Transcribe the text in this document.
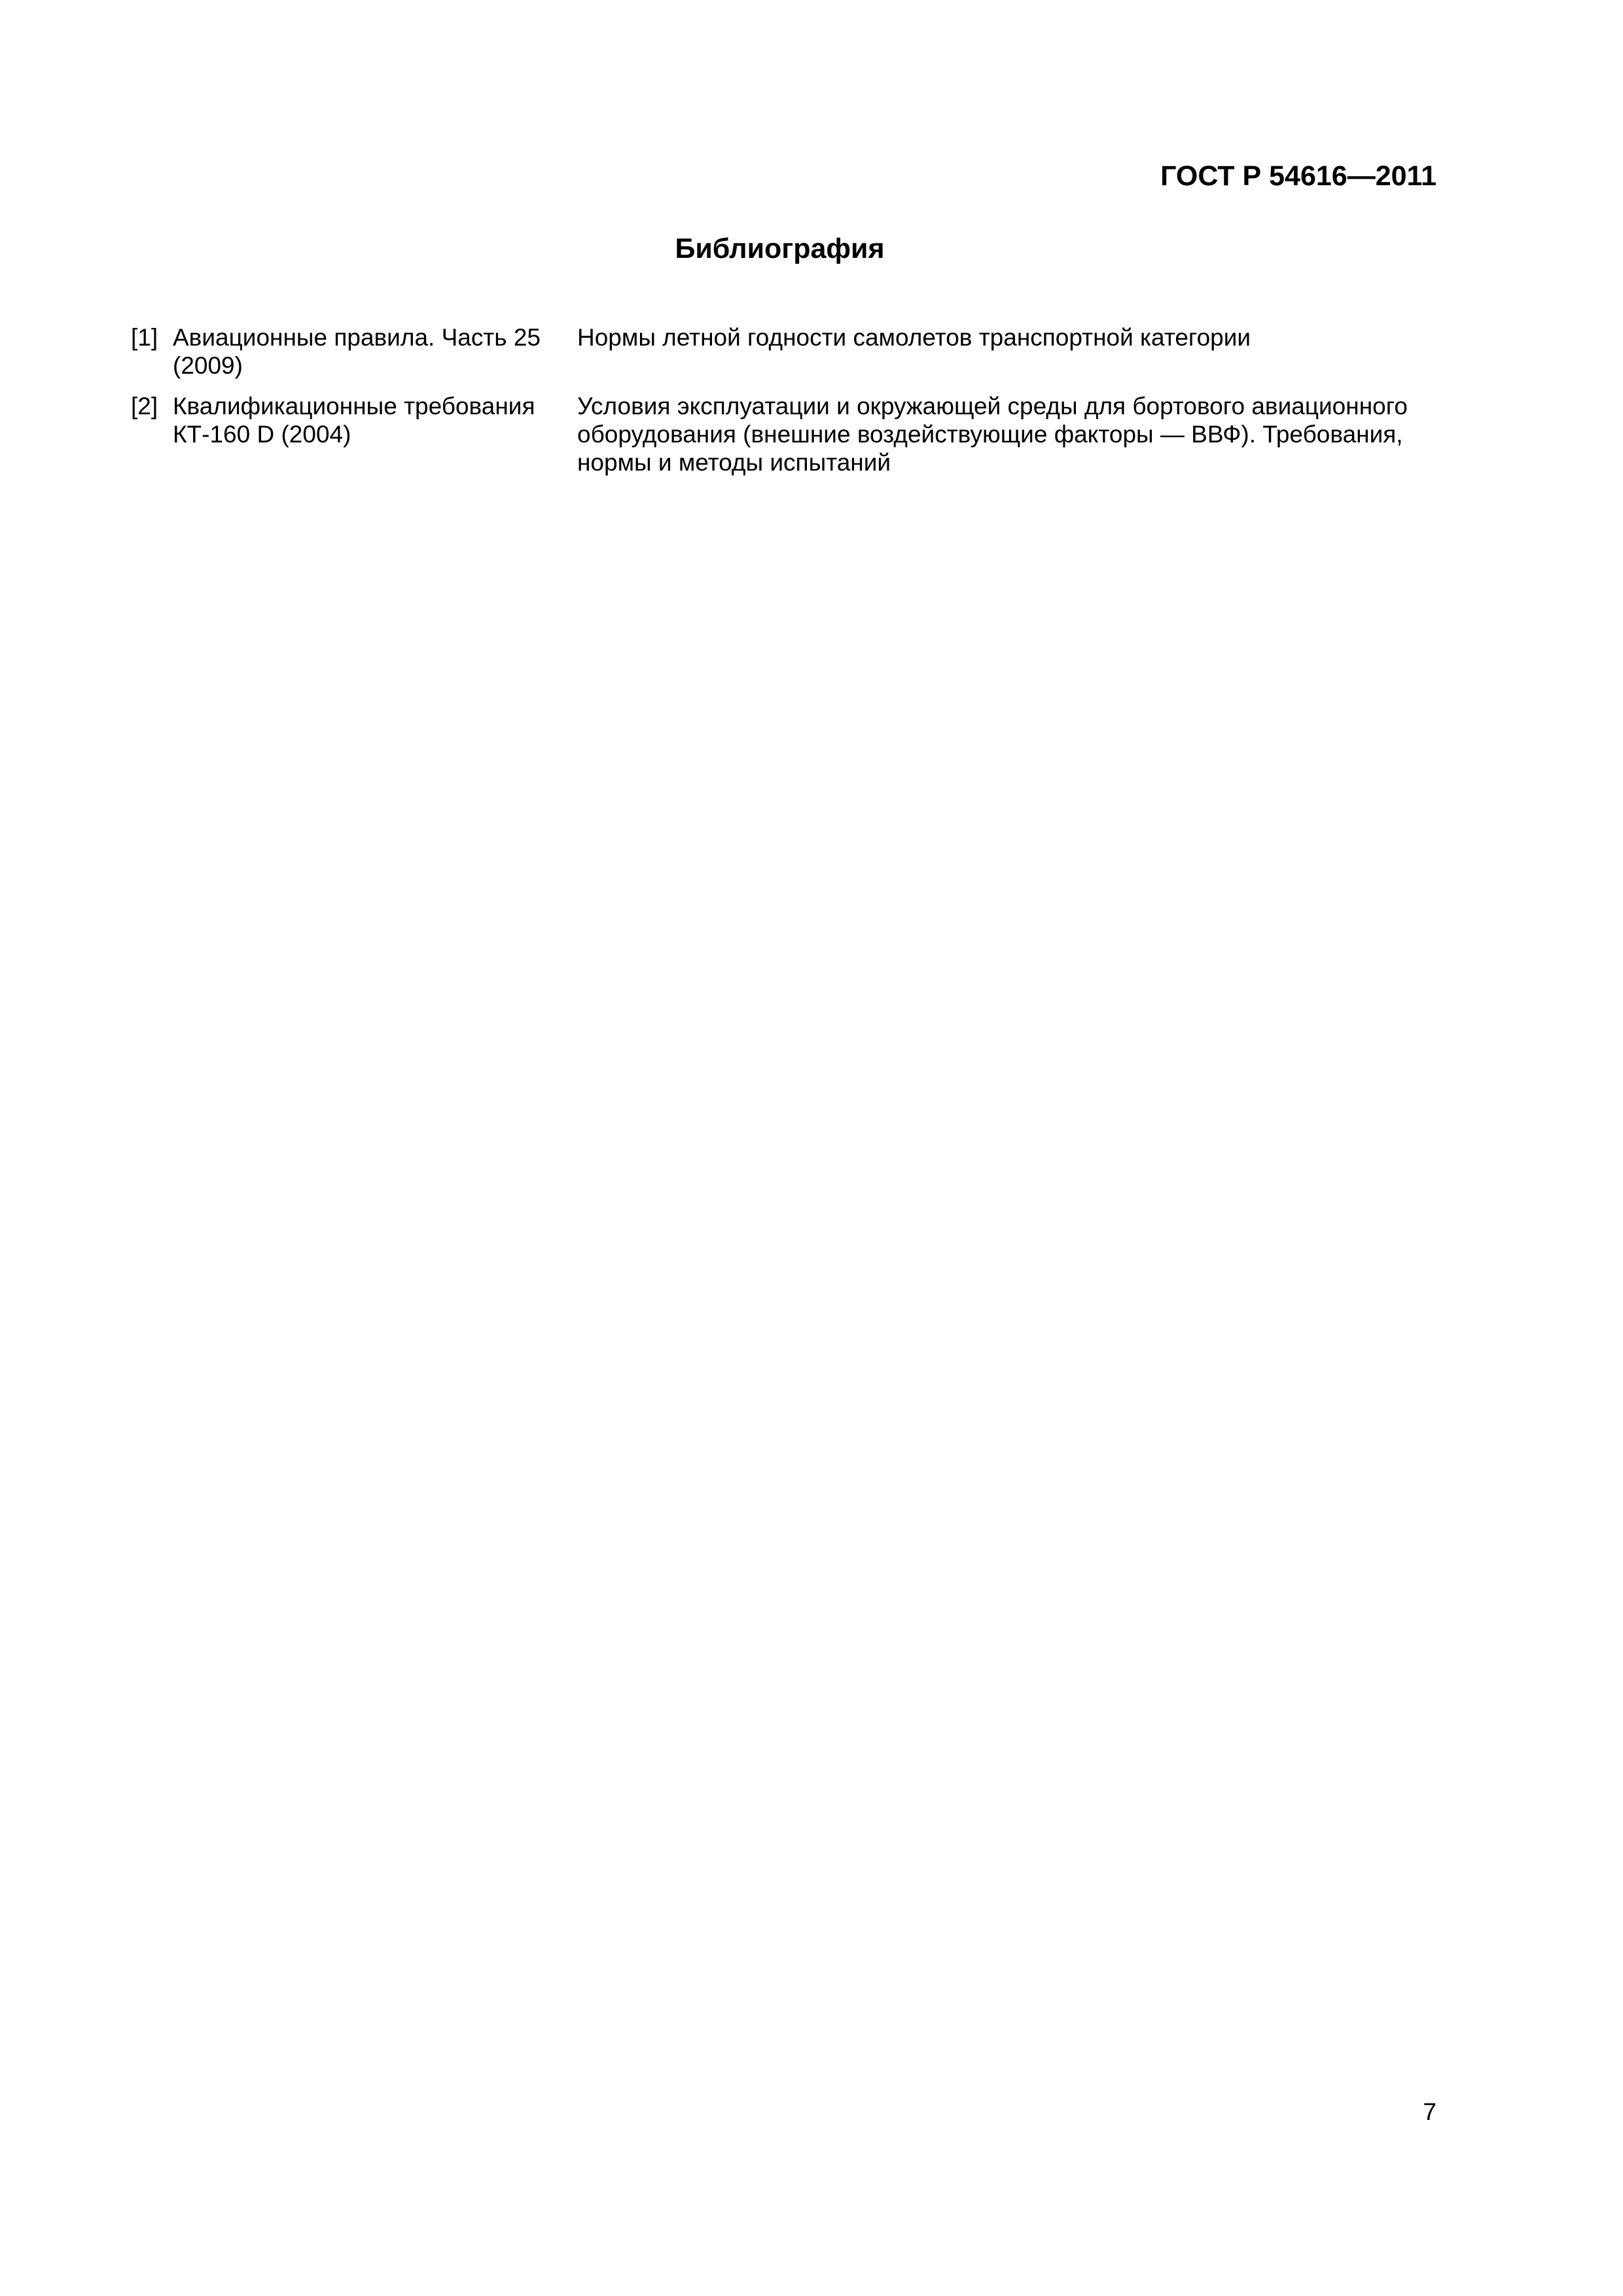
ГОСТ Р 54616—2011
Библиография
[1] Авиационные правила. Часть 25 (2009)
Нормы летной годности самолетов транспортной категории
[2] Квалификационные требования КТ-160 D (2004)
Условия эксплуатации и окружающей среды для бортового авиационного оборудования (внешние воздействующие факторы — ВВФ). Требования, нормы и методы испытаний
7
